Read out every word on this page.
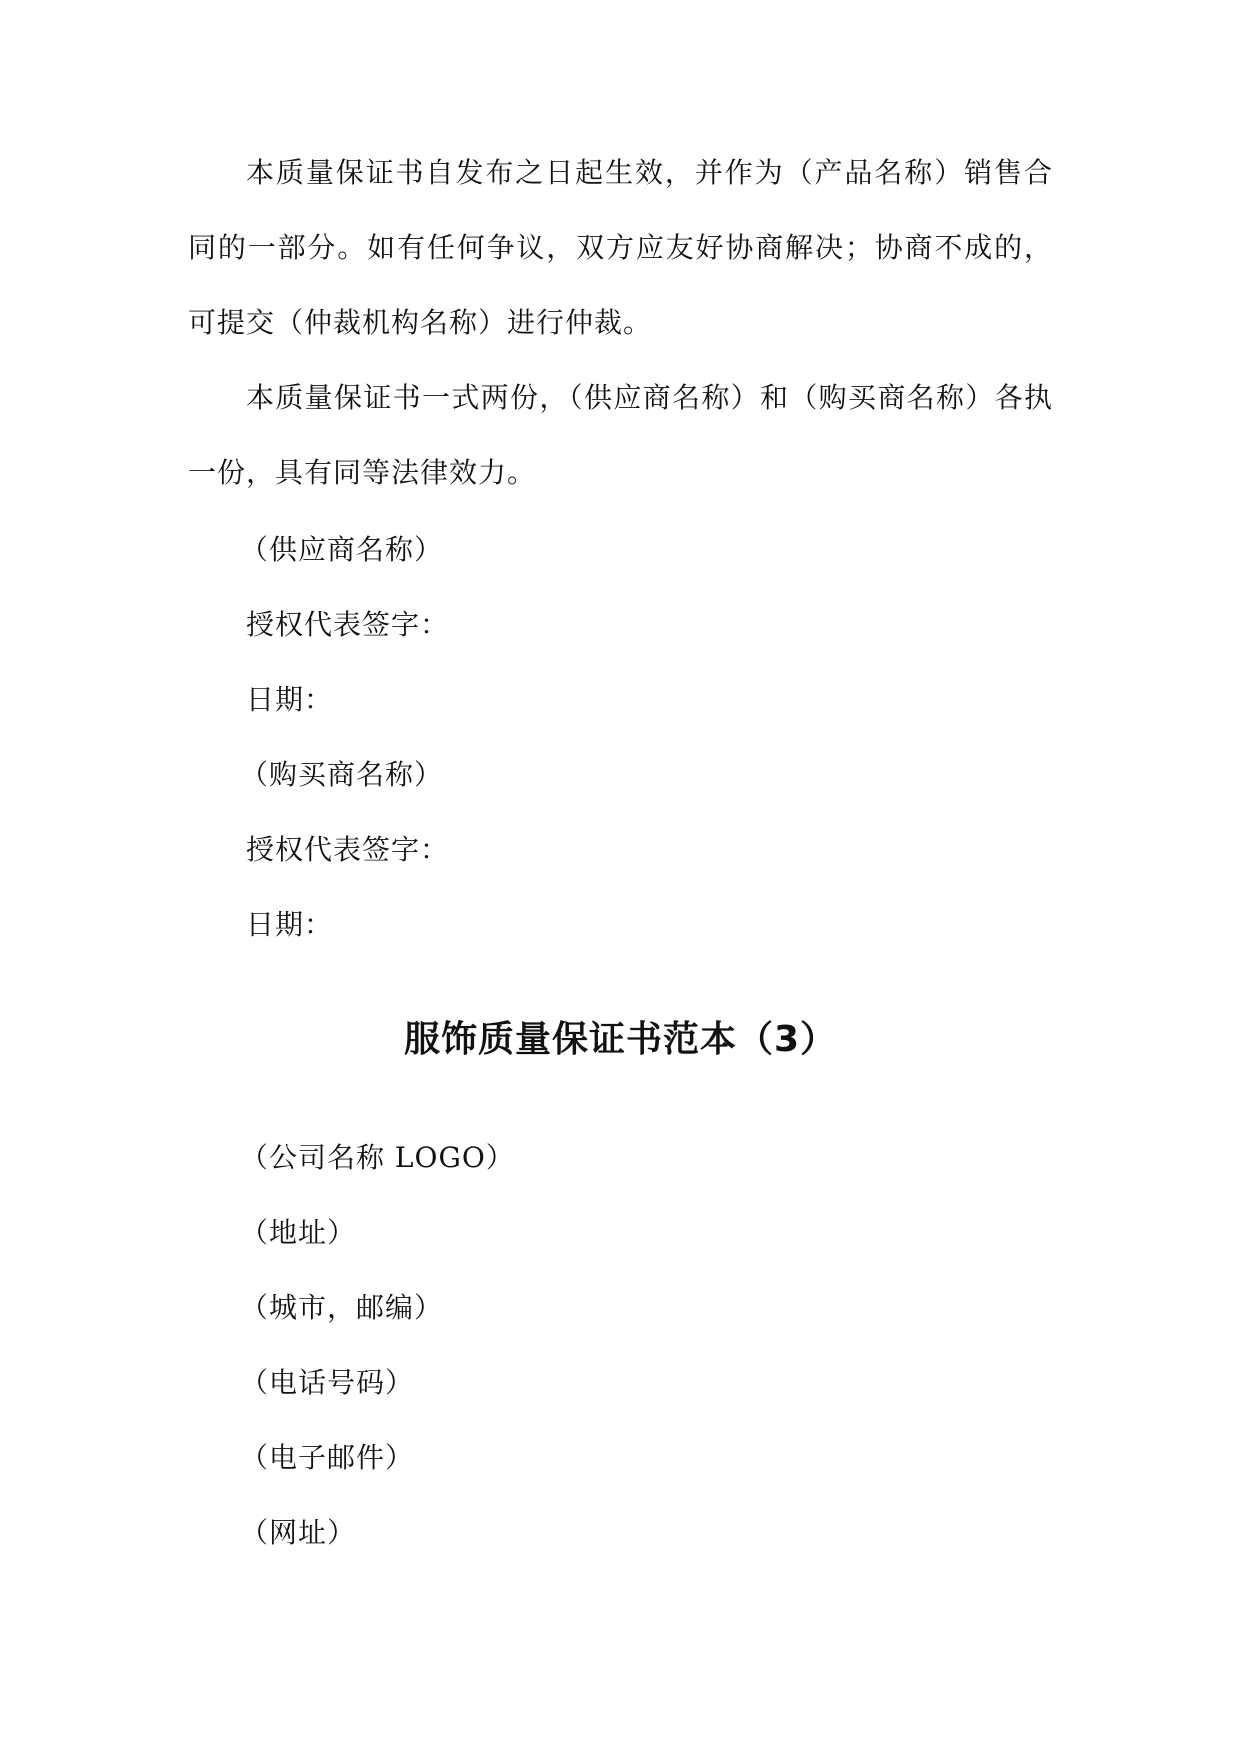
本质量保证书自发布之日起生效，并作为（产品名称）销售合同的一部分。如有任何争议，双方应友好协商解决；协商不成的，可提交（仲裁机构名称）进行仲裁。

本质量保证书一式两份，（供应商名称）和（购买商名称）各执一份，具有同等法律效力。

（供应商名称）

授权代表签字：

日期：

（购买商名称）

授权代表签字：

日期：

服饰质量保证书范本（3）

（公司名称 LOGO）

（地址）

（城市，邮编）

（电话号码）

（电子邮件）

（网址）
